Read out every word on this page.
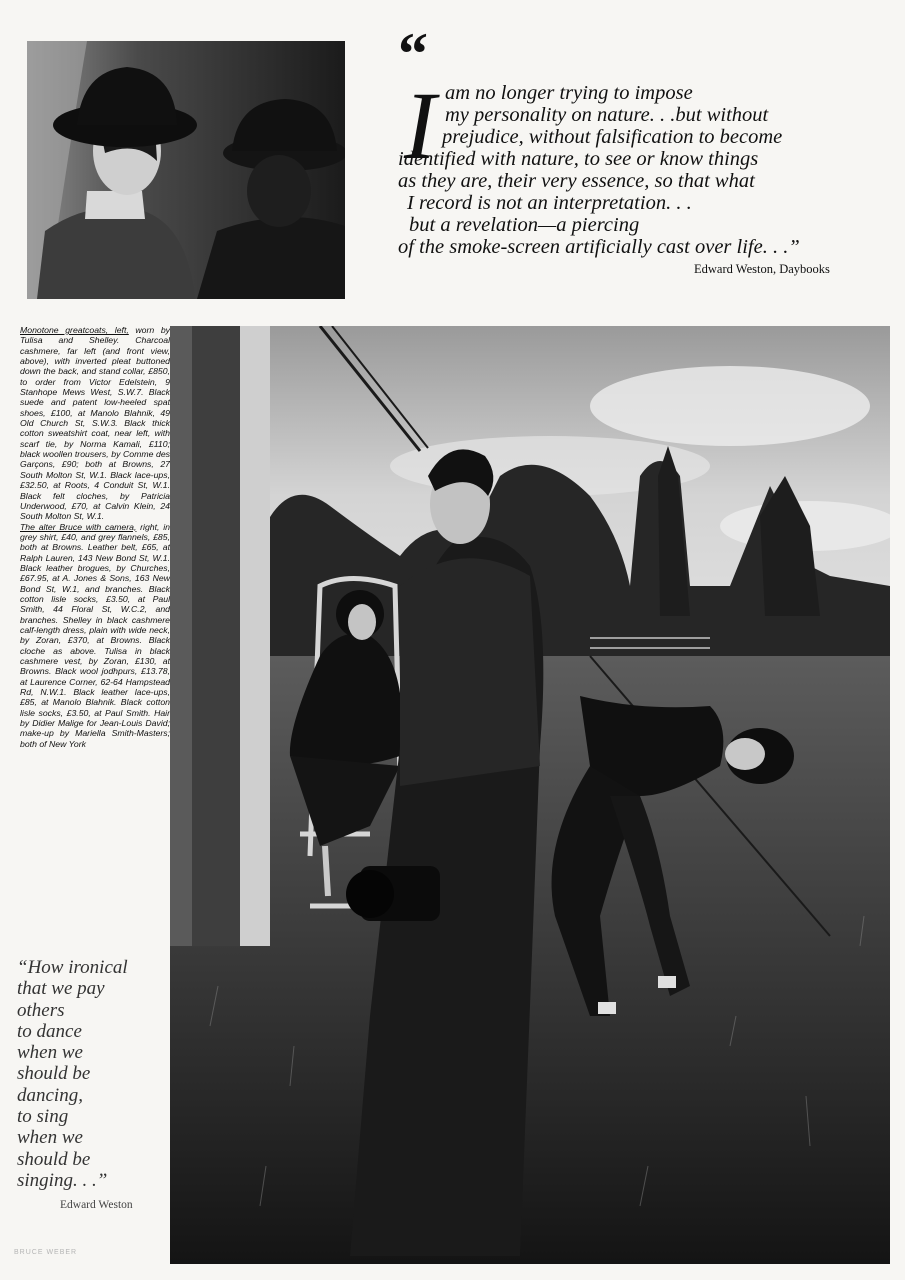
“
I am no longer trying to impose
my personality on nature. . .but without
prejudice, without falsification to become
identified with nature, to see or know things
as they are, their very essence, so that what
I record is not an interpretation. . .
but a revelation—a piercing
of the smoke-screen artificially cast over life. . .”
Edward Weston, Daybooks

Monotone greatcoats, left, worn by Tulisa and Shelley. Charcoal cashmere, far left (and front view, above), with inverted pleat buttoned down the back, and stand collar, £850, to order from Victor Edelstein, 9 Stanhope Mews West, S.W.7. Black suede and patent low-heeled spat shoes, £100, at Manolo Blahnik, 49 Old Church St, S.W.3. Black thick cotton sweatshirt coat, near left, with scarf tie, by Norma Kamali, £110; black woollen trousers, by Comme des Garçons, £90; both at Browns, 27 South Molton St, W.1. Black lace-ups, £32.50, at Roots, 4 Conduit St, W.1. Black felt cloches, by Patricia Underwood, £70, at Calvin Klein, 24 South Molton St, W.1.

The alter Bruce with camera, right, in grey shirt, £40, and grey flannels, £85, both at Browns. Leather belt, £65, at Ralph Lauren, 143 New Bond St, W.1. Black leather brogues, by Churches, £67.95, at A. Jones & Sons, 163 New Bond St, W.1, and branches. Black cotton lisle socks, £3.50, at Paul Smith, 44 Floral St, W.C.2, and branches. Shelley in black cashmere calf-length dress, plain with wide neck, by Zoran, £370, at Browns. Black cloche as above. Tulisa in black cashmere vest, by Zoran, £130, at Browns. Black wool jodhpurs, £13.78, at Laurence Corner, 62-64 Hampstead Rd, N.W.1. Black leather lace-ups, £85, at Manolo Blahnik. Black cotton lisle socks, £3.50, at Paul Smith. Hair by Didier Malige for Jean-Louis David; make-up by Mariella Smith-Masters; both of New York

“How ironical
that we pay
others
to dance
when we
should be
dancing,
to sing
when we
should be
singing. . .”
Edward Weston
BRUCE WEBER
